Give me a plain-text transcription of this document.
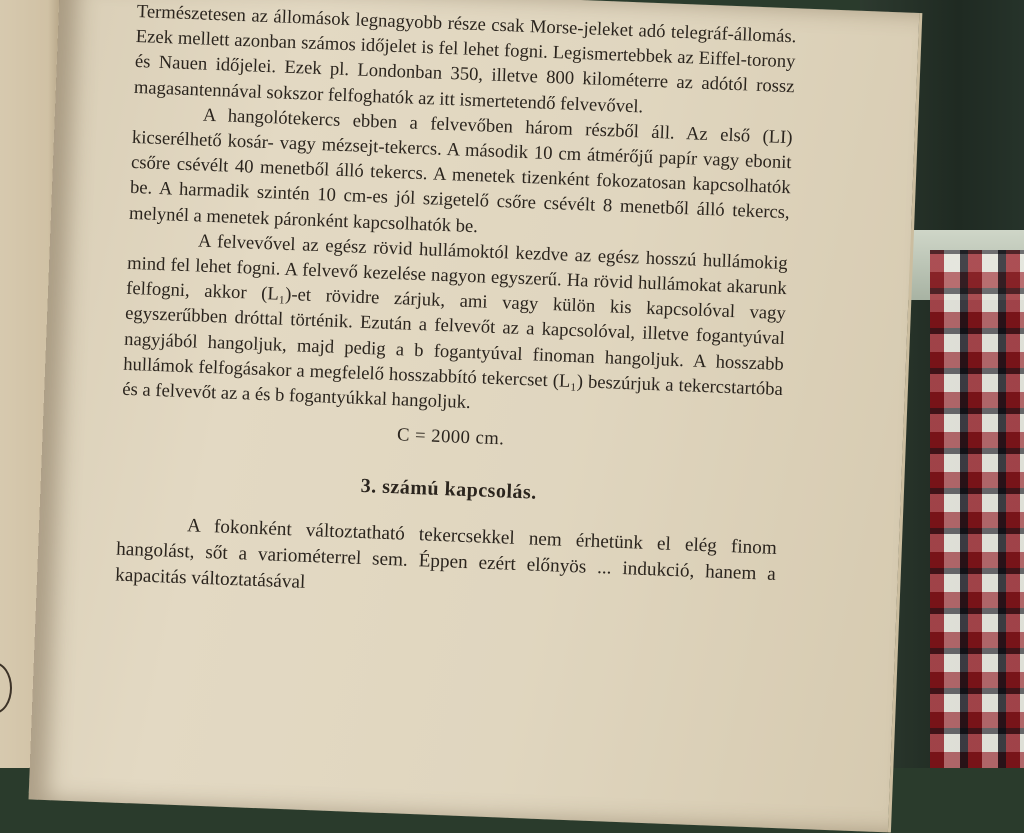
Természetesen az állomások legnagyobb része csak Morse-jeleket adó telegráf-állomás. Ezek mellett azonban számos időjelet is fel lehet fogni. Legismertebbek az Eiffel-torony és Nauen időjelei. Ezek pl. Londonban 350, illetve 800 kilométerre az adótól rossz magasantennával sokszor felfoghatók az itt ismertetendő felvevővel.

A hangolótekercs ebben a felvevőben három részből áll. Az első (LI) kicserélhető kosár- vagy mézsejt-tekercs. A második 10 cm átmérőjű papír vagy ebonit csőre csévélt 40 menetből álló tekercs. A menetek tizenként fokozatosan kapcsolhatók be. A harmadik szintén 10 cm-es jól szigetelő csőre csévélt 8 menetből álló tekercs, melynél a menetek páronként kapcsolhatók be.

A felvevővel az egész rövid hullámoktól kezdve az egész hosszú hullámokig mind fel lehet fogni. A felvevő kezelése nagyon egyszerű. Ha rövid hullámokat akarunk felfogni, akkor (L₁)-et rövidre zárjuk, ami vagy külön kis kapcsolóval vagy egyszerűbben dróttal történik. Ezután a felvevőt az a kapcsolóval, illetve fogantyúval nagyjából hangoljuk, majd pedig a b fogantyúval finoman hangoljuk. A hosszabb hullámok felfogásakor a megfelelő hosszabbító tekercset (L₁) beszúrjuk a tekercstartóba és a felvevőt az a és b fogantyúkkal hangoljuk.

C = 2000 cm.

3. számú kapcsolás.

A fokonként változtatható tekercsekkel nem érhetünk el elég finom hangolást, sőt a variométerrel sem. Éppen ezért előnyös ... indukció, hanem a kapacitás változtatásával
